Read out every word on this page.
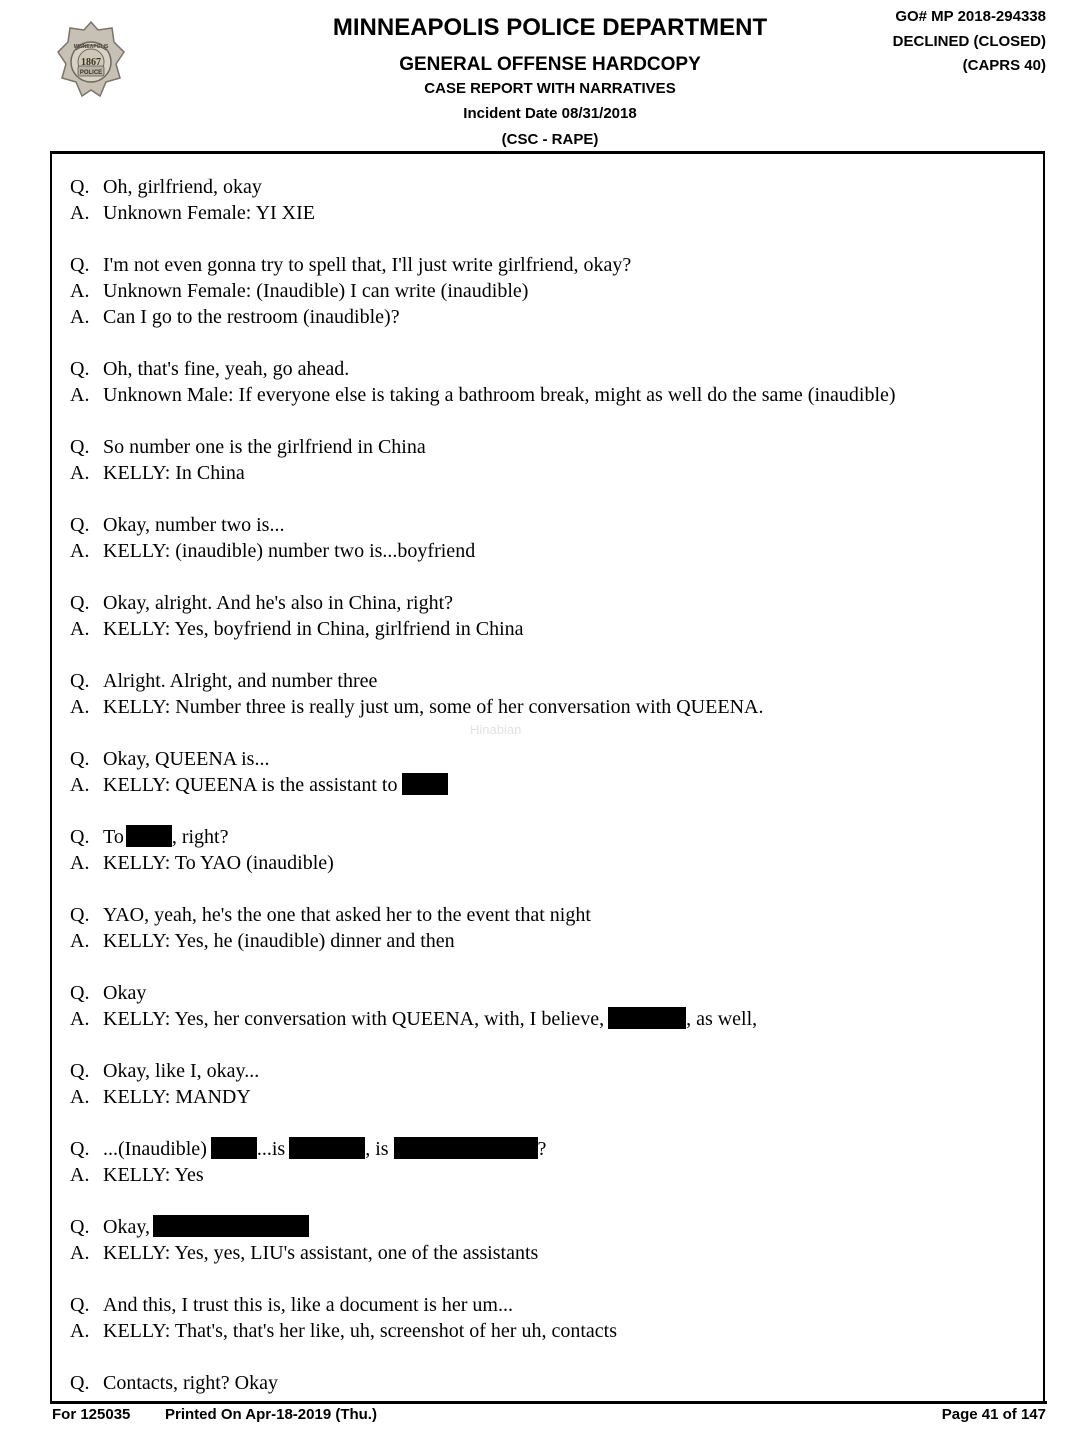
MINNEAPOLIS
1867
POLICE
MINNEAPOLIS POLICE DEPARTMENT
GENERAL OFFENSE HARDCOPY
CASE REPORT WITH NARRATIVES
Incident Date 08/31/2018
(CSC - RAPE)
GO# MP 2018-294338
DECLINED (CLOSED)
(CAPRS 40)
Hinabian
Q. Oh, girlfriend, okay
A. Unknown Female: YI XIE
Q. I'm not even gonna try to spell that, I'll just write girlfriend, okay?
A. Unknown Female: (Inaudible) I can write (inaudible)
A. Can I go to the restroom (inaudible)?
Q. Oh, that's fine, yeah, go ahead.
A. Unknown Male: If everyone else is taking a bathroom break, might as well do the same (inaudible)
Q. So number one is the girlfriend in China
A. KELLY: In China
Q. Okay, number two is...
A. KELLY: (inaudible) number two is...boyfriend
Q. Okay, alright. And he's also in China, right?
A. KELLY: Yes, boyfriend in China, girlfriend in China
Q. Alright. Alright, and number three
A. KELLY: Number three is really just um, some of her conversation with QUEENA.
Q. Okay, QUEENA is...
A. KELLY: QUEENA is the assistant to
Q. To , right?
A. KELLY: To YAO (inaudible)
Q. YAO, yeah, he's the one that asked her to the event that night
A. KELLY: Yes, he (inaudible) dinner and then
Q. Okay
A. KELLY: Yes, her conversation with QUEENA, with, I believe,	, as well,
Q. Okay, like I, okay...
A. KELLY: MANDY
Q. ...(Inaudible)	...is	, is	?
A. KELLY: Yes
Q. Okay,
A. KELLY: Yes, yes, LIU's assistant, one of the assistants
Q. And this, I trust this is, like a document is her um...
A. KELLY: That's, that's her like, uh, screenshot of her uh, contacts
Q. Contacts, right? Okay
For 125035 Printed On Apr-18-2019 (Thu.)	Page 41 of 147
